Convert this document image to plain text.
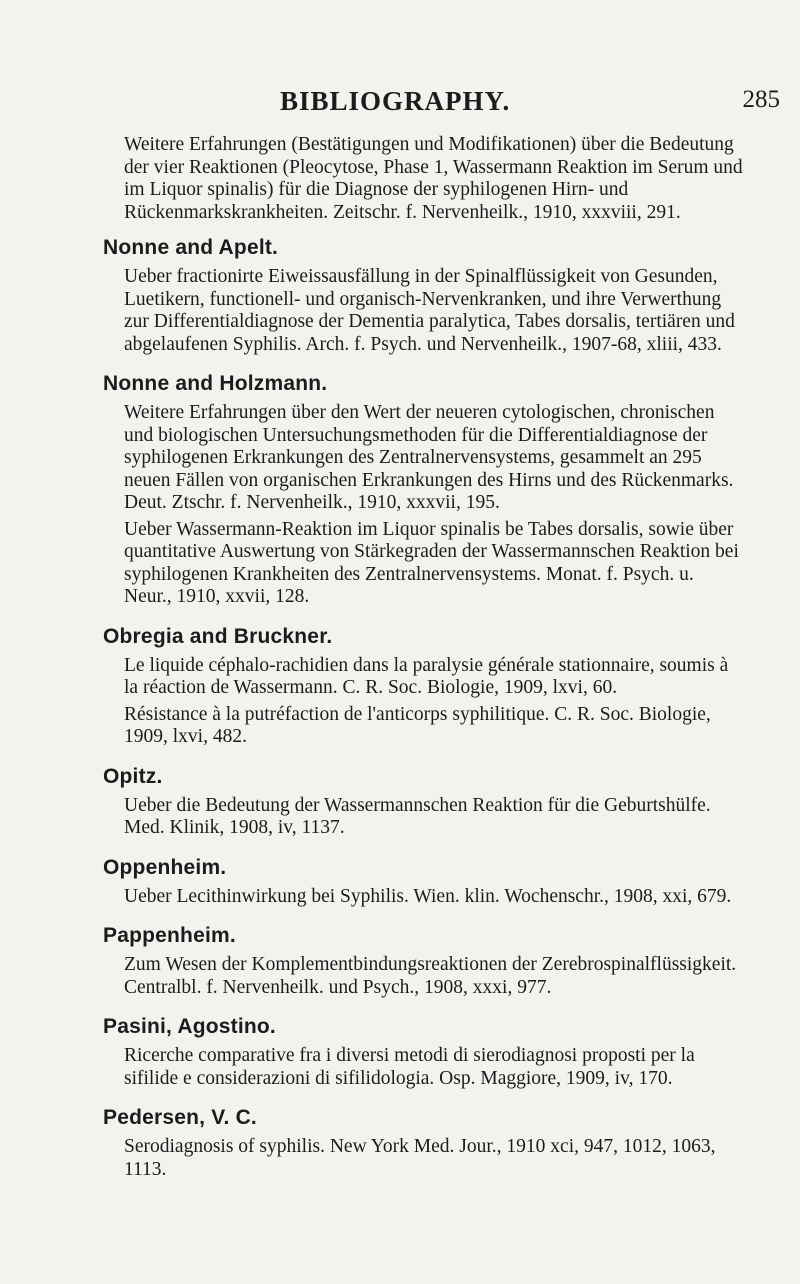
BIBLIOGRAPHY.	285
Weitere Erfahrungen (Bestätigungen und Modifikationen) über die Bedeutung der vier Reaktionen (Pleocytose, Phase 1, Wassermann Reaktion im Serum und im Liquor spinalis) für die Diagnose der syphilogenen Hirn- und Rückenmarkskrankheiten. Zeitschr. f. Nervenheilk., 1910, xxxviii, 291.
Nonne and Apelt.
Ueber fractionirte Eiweissausfällung in der Spinalflüssigkeit von Gesunden, Luetikern, functionell- und organisch-Nervenkranken, und ihre Verwerthung zur Differentialdiagnose der Dementia paralytica, Tabes dorsalis, tertiären und abgelaufenen Syphilis. Arch. f. Psych. und Nervenheilk., 1907-68, xliii, 433.
Nonne and Holzmann.
Weitere Erfahrungen über den Wert der neueren cytologischen, chronischen und biologischen Untersuchungsmethoden für die Differentialdiagnose der syphilogenen Erkrankungen des Zentralnervensystems, gesammelt an 295 neuen Fällen von organischen Erkrankungen des Hirns und des Rückenmarks. Deut. Ztschr. f. Nervenheilk., 1910, xxxvii, 195.
Ueber Wassermann-Reaktion im Liquor spinalis be Tabes dorsalis, sowie über quantitative Auswertung von Stärkegraden der Wassermannschen Reaktion bei syphilogenen Krankheiten des Zentralnervensystems. Monat. f. Psych. u. Neur., 1910, xxvii, 128.
Obregia and Bruckner.
Le liquide céphalo-rachidien dans la paralysie générale stationnaire, soumis à la réaction de Wassermann. C. R. Soc. Biologie, 1909, lxvi, 60.
Résistance à la putréfaction de l'anticorps syphilitique. C. R. Soc. Biologie, 1909, lxvi, 482.
Opitz.
Ueber die Bedeutung der Wassermannschen Reaktion für die Geburtshülfe. Med. Klinik, 1908, iv, 1137.
Oppenheim.
Ueber Lecithinwirkung bei Syphilis. Wien. klin. Wochenschr., 1908, xxi, 679.
Pappenheim.
Zum Wesen der Komplementbindungsreaktionen der Zerebrospinalflüssigkeit. Centralbl. f. Nervenheilk. und Psych., 1908, xxxi, 977.
Pasini, Agostino.
Ricerche comparative fra i diversi metodi di sierodiagnosi proposti per la sifilide e considerazioni di sifilidologia. Osp. Maggiore, 1909, iv, 170.
Pedersen, V. C.
Serodiagnosis of syphilis. New York Med. Jour., 1910 xci, 947, 1012, 1063, 1113.
